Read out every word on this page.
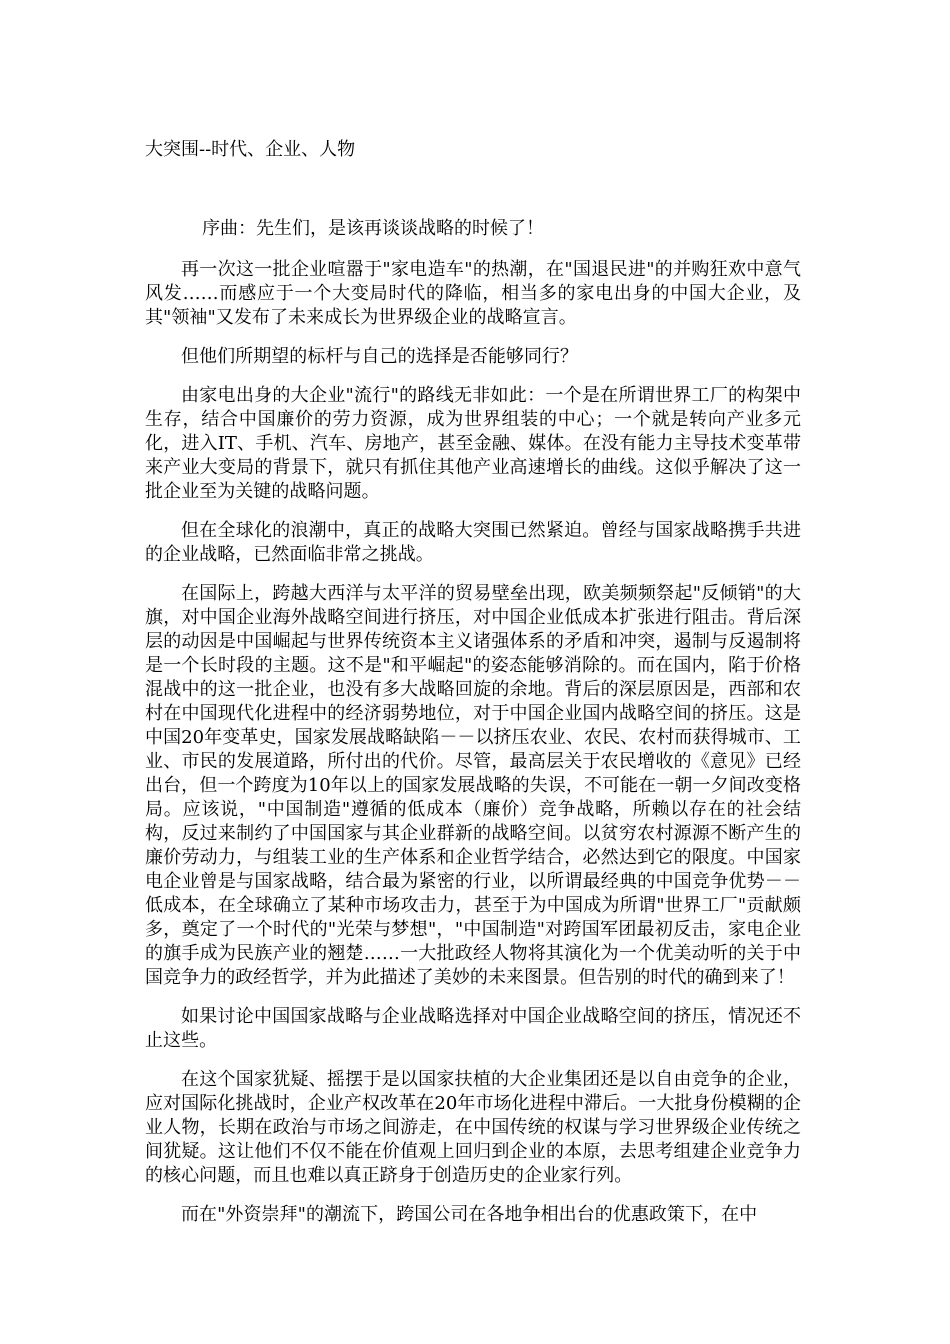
大突围--时代、企业、人物

序曲：先生们，是该再谈谈战略的时候了！

再一次这一批企业喧嚣于"家电造车"的热潮，在"国退民进"的并购狂欢中意气风发……而感应于一个大变局时代的降临，相当多的家电出身的中国大企业，及其"领袖"又发布了未来成长为世界级企业的战略宣言。

但他们所期望的标杆与自己的选择是否能够同行？

由家电出身的大企业"流行"的路线无非如此：一个是在所谓世界工厂的构架中生存，结合中国廉价的劳力资源，成为世界组装的中心；一个就是转向产业多元化，进入IT、手机、汽车、房地产，甚至金融、媒体。在没有能力主导技术变革带来产业大变局的背景下，就只有抓住其他产业高速增长的曲线。这似乎解决了这一批企业至为关键的战略问题。

但在全球化的浪潮中，真正的战略大突围已然紧迫。曾经与国家战略携手共进的企业战略，已然面临非常之挑战。

在国际上，跨越大西洋与太平洋的贸易壁垒出现，欧美频频祭起"反倾销"的大旗，对中国企业海外战略空间进行挤压，对中国企业低成本扩张进行阻击。背后深层的动因是中国崛起与世界传统资本主义诸强体系的矛盾和冲突，遏制与反遏制将是一个长时段的主题。这不是"和平崛起"的姿态能够消除的。而在国内，陷于价格混战中的这一批企业，也没有多大战略回旋的余地。背后的深层原因是，西部和农村在中国现代化进程中的经济弱势地位，对于中国企业国内战略空间的挤压。这是中国20年变革史，国家发展战略缺陷－－以挤压农业、农民、农村而获得城市、工业、市民的发展道路，所付出的代价。尽管，最高层关于农民增收的《意见》已经出台，但一个跨度为10年以上的国家发展战略的失误，不可能在一朝一夕间改变格局。应该说，"中国制造"遵循的低成本（廉价）竞争战略，所赖以存在的社会结构，反过来制约了中国国家与其企业群新的战略空间。以贫穷农村源源不断产生的廉价劳动力，与组装工业的生产体系和企业哲学结合，必然达到它的限度。中国家电企业曾是与国家战略，结合最为紧密的行业，以所谓最经典的中国竞争优势－－低成本，在全球确立了某种市场攻击力，甚至于为中国成为所谓"世界工厂"贡献颇多，奠定了一个时代的"光荣与梦想"，"中国制造"对跨国军团最初反击，家电企业的旗手成为民族产业的翘楚……一大批政经人物将其演化为一个优美动听的关于中国竞争力的政经哲学，并为此描述了美妙的未来图景。但告别的时代的确到来了！

如果讨论中国国家战略与企业战略选择对中国企业战略空间的挤压，情况还不止这些。

在这个国家犹疑、摇摆于是以国家扶植的大企业集团还是以自由竞争的企业，应对国际化挑战时，企业产权改革在20年市场化进程中滞后。一大批身份模糊的企业人物，长期在政治与市场之间游走，在中国传统的权谋与学习世界级企业传统之间犹疑。这让他们不仅不能在价值观上回归到企业的本原，去思考组建企业竞争力的核心问题，而且也难以真正跻身于创造历史的企业家行列。

而在"外资崇拜"的潮流下，跨国公司在各地争相出台的优惠政策下，在中
